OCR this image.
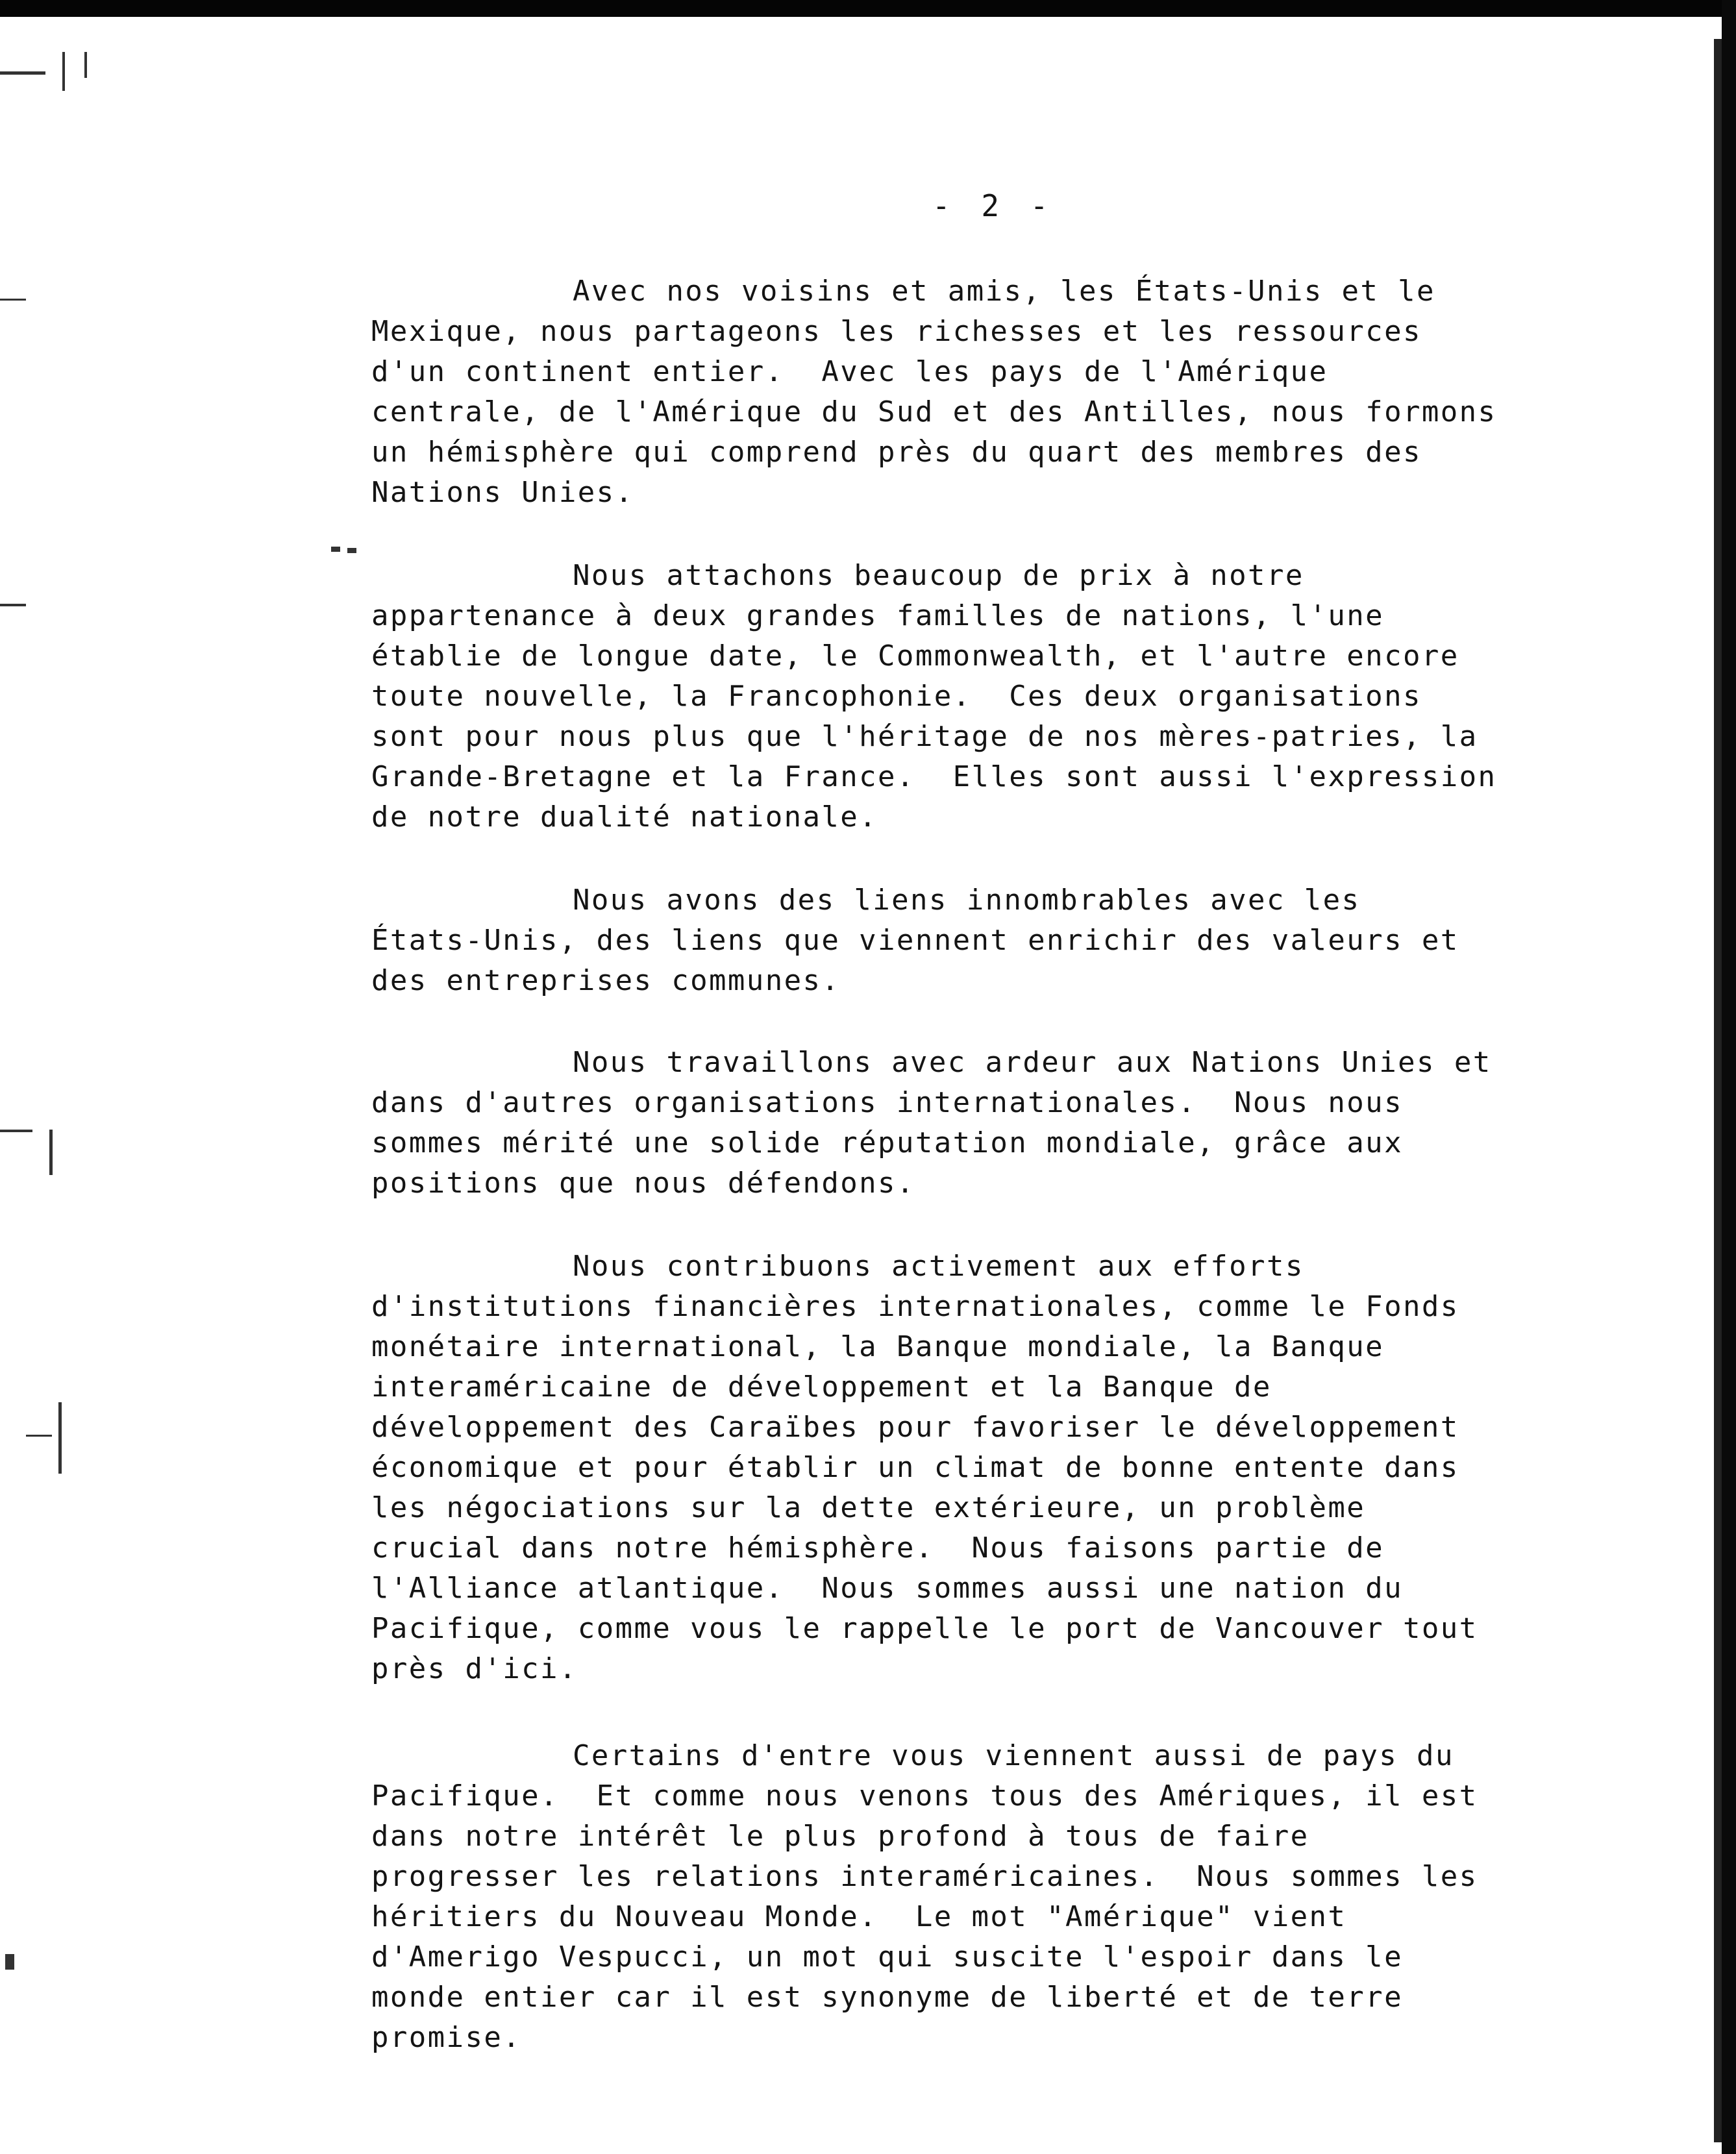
- 2 -

Avec nos voisins et amis, les États-Unis et le
Mexique, nous partageons les richesses et les ressources
d'un continent entier.  Avec les pays de l'Amérique
centrale, de l'Amérique du Sud et des Antilles, nous formons
un hémisphère qui comprend près du quart des membres des
Nations Unies.

Nous attachons beaucoup de prix à notre
appartenance à deux grandes familles de nations, l'une
établie de longue date, le Commonwealth, et l'autre encore
toute nouvelle, la Francophonie.  Ces deux organisations
sont pour nous plus que l'héritage de nos mères-patries, la
Grande-Bretagne et la France.  Elles sont aussi l'expression
de notre dualité nationale.

Nous avons des liens innombrables avec les
États-Unis, des liens que viennent enrichir des valeurs et
des entreprises communes.

Nous travaillons avec ardeur aux Nations Unies et
dans d'autres organisations internationales.  Nous nous
sommes mérité une solide réputation mondiale, grâce aux
positions que nous défendons.

Nous contribuons activement aux efforts
d'institutions financières internationales, comme le Fonds
monétaire international, la Banque mondiale, la Banque
interaméricaine de développement et la Banque de
développement des Caraïbes pour favoriser le développement
économique et pour établir un climat de bonne entente dans
les négociations sur la dette extérieure, un problème
crucial dans notre hémisphère.  Nous faisons partie de
l'Alliance atlantique.  Nous sommes aussi une nation du
Pacifique, comme vous le rappelle le port de Vancouver tout
près d'ici.

Certains d'entre vous viennent aussi de pays du
Pacifique.  Et comme nous venons tous des Amériques, il est
dans notre intérêt le plus profond à tous de faire
progresser les relations interaméricaines.  Nous sommes les
héritiers du Nouveau Monde.  Le mot "Amérique" vient
d'Amerigo Vespucci, un mot qui suscite l'espoir dans le
monde entier car il est synonyme de liberté et de terre
promise.
